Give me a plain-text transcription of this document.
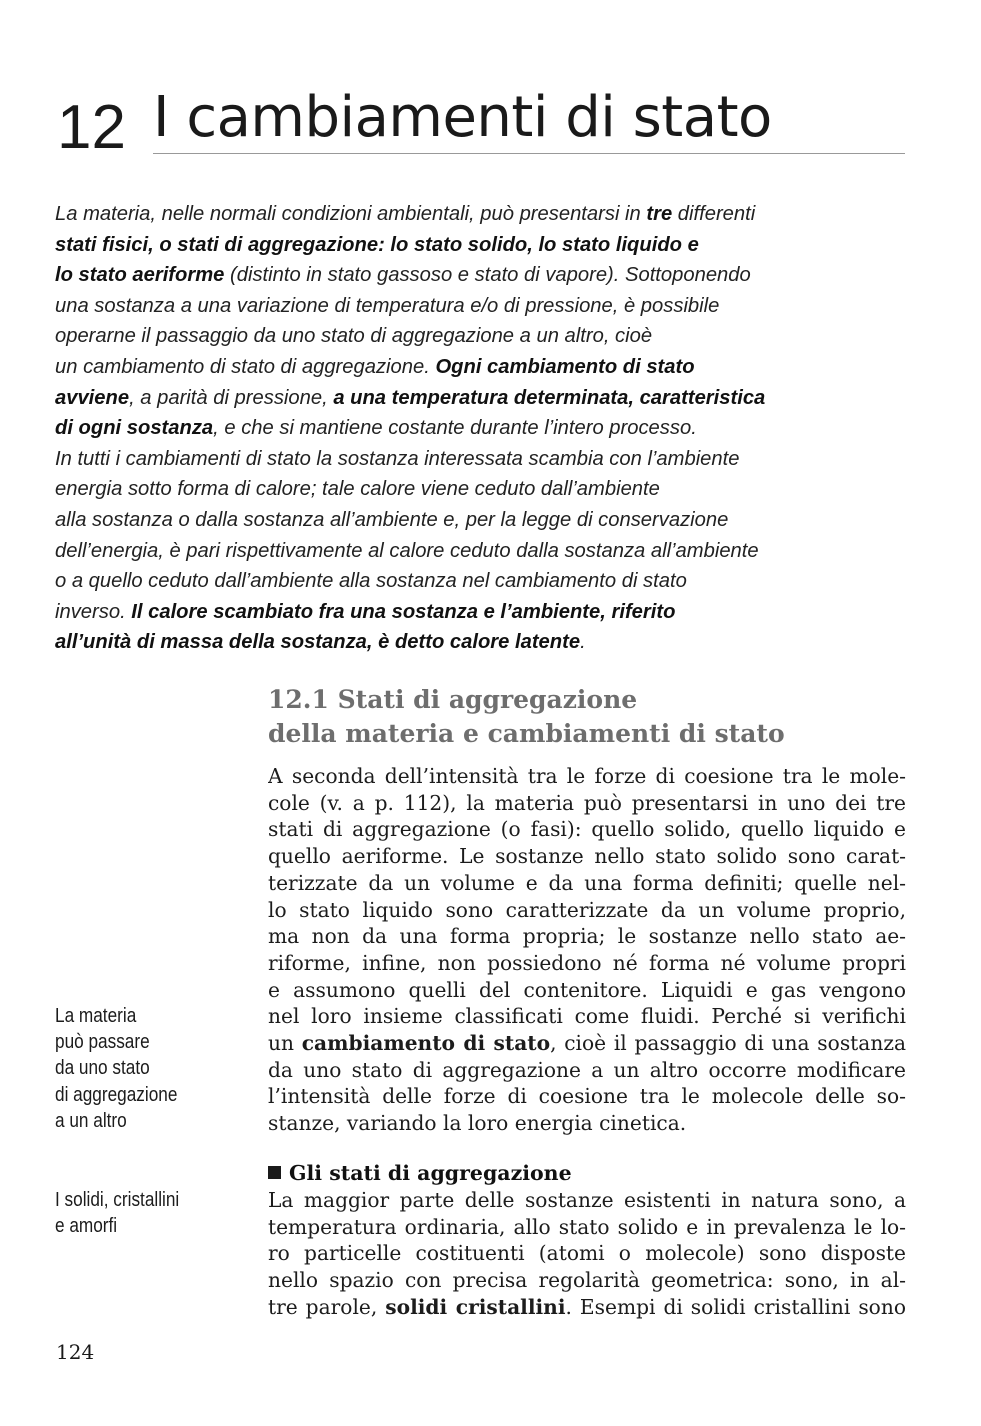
12 I cambiamenti di stato

La materia, nelle normali condizioni ambientali, può presentarsi in tre differenti
stati fisici, o stati di aggregazione: lo stato solido, lo stato liquido e
lo stato aeriforme (distinto in stato gassoso e stato di vapore). Sottoponendo
una sostanza a una variazione di temperatura e/o di pressione, è possibile
operarne il passaggio da uno stato di aggregazione a un altro, cioè
un cambiamento di stato di aggregazione. Ogni cambiamento di stato
avviene, a parità di pressione, a una temperatura determinata, caratteristica
di ogni sostanza, e che si mantiene costante durante l’intero processo.
In tutti i cambiamenti di stato la sostanza interessata scambia con l’ambiente
energia sotto forma di calore; tale calore viene ceduto dall’ambiente
alla sostanza o dalla sostanza all’ambiente e, per la legge di conservazione
dell’energia, è pari rispettivamente al calore ceduto dalla sostanza all’ambiente
o a quello ceduto dall’ambiente alla sostanza nel cambiamento di stato
inverso. Il calore scambiato fra una sostanza e l’ambiente, riferito
all’unità di massa della sostanza, è detto calore latente.

12.1 Stati di aggregazione
della materia e cambiamenti di stato
A seconda dell’intensità tra le forze di coesione tra le mole-
cole (v. a p. 112), la materia può presentarsi in uno dei tre
stati di aggregazione (o fasi): quello solido, quello liquido e
quello aeriforme. Le sostanze nello stato solido sono carat-
terizzate da un volume e da una forma definiti; quelle nel-
lo stato liquido sono caratterizzate da un volume proprio,
ma non da una forma propria; le sostanze nello stato ae-
riforme, infine, non possiedono né forma né volume propri
e assumono quelli del contenitore. Liquidi e gas vengono
nel loro insieme classificati come fluidi. Perché si verifichi
un cambiamento di stato, cioè il passaggio di una sostanza
da uno stato di aggregazione a un altro occorre modificare
l’intensità delle forze di coesione tra le molecole delle so-
stanze, variando la loro energia cinetica.
Gli stati di aggregazione
La maggior parte delle sostanze esistenti in natura sono, a
temperatura ordinaria, allo stato solido e in prevalenza le lo-
ro particelle costituenti (atomi o molecole) sono disposte
nello spazio con precisa regolarità geometrica: sono, in al-
tre parole, solidi cristallini. Esempi di solidi cristallini sono
La materia
può passare
da uno stato
di aggregazione
a un altro
I solidi, cristallini
e amorfi
124
